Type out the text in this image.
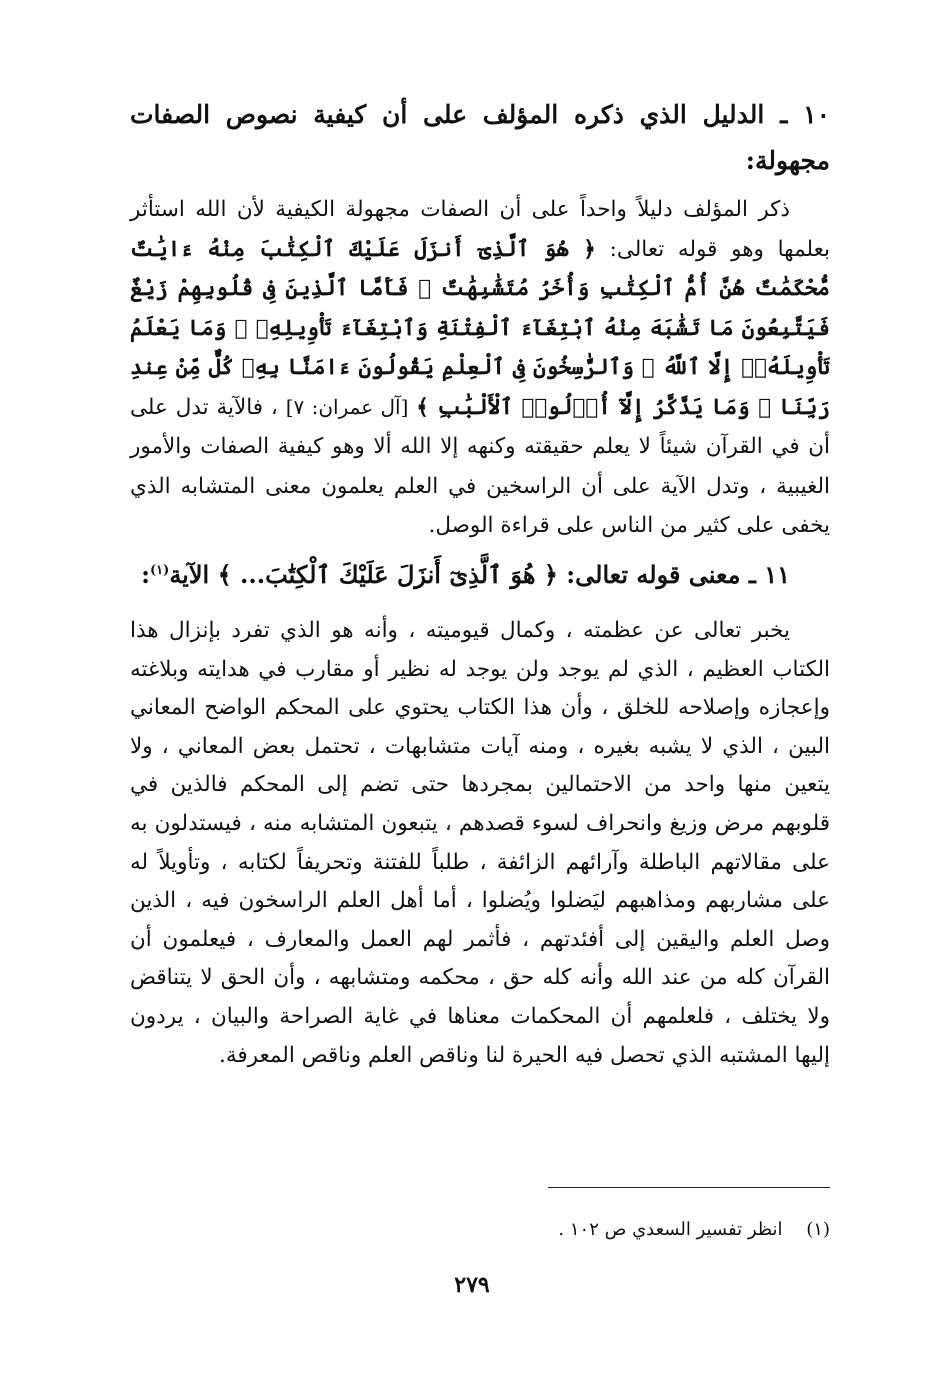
١٠ ـ الدليل الذي ذكره المؤلف على أن كيفية نصوص الصفات مجهولة:
ذكر المؤلف دليلاً واحداً على أن الصفات مجهولة الكيفية لأن الله استأثر بعلمها وهو قوله تعالى: ﴿ هُوَ ٱلَّذِىٓ أَنزَلَ عَلَيْكَ ٱلْكِتَٰبَ مِنْهُ ءَايَٰتٌ مُّحْكَمَٰتٌ هُنَّ أُمُّ ٱلْكِتَٰبِ وَأُخَرُ مُتَشَٰبِهَٰتٌ ۖ فَأَمَّا ٱلَّذِينَ فِى قُلُوبِهِمْ زَيْغٌ فَيَتَّبِعُونَ مَا تَشَٰبَهَ مِنْهُ ٱبْتِغَآءَ ٱلْفِتْنَةِ وَٱبْتِغَآءَ تَأْوِيلِهِۦ ۗ وَمَا يَعْلَمُ تَأْوِيلَهُۥٓ إِلَّا ٱللَّهُ ۗ وَٱلرَّٰسِخُونَ فِى ٱلْعِلْمِ يَقُولُونَ ءَامَنَّا بِهِۦ كُلٌّ مِّنْ عِندِ رَبِّنَا ۗ وَمَا يَذَّكَّرُ إِلَّآ أُو۟لُوا۟ ٱلْأَلْبَٰبِ ﴾ [آل عمران: ٧] ، فالآية تدل على أن في القرآن شيئاً لا يعلم حقيقته وكنهه إلا الله ألا وهو كيفية الصفات والأمور الغيبية ، وتدل الآية على أن الراسخين في العلم يعلمون معنى المتشابه الذي يخفى على كثير من الناس على قراءة الوصل.
١١ ـ معنى قوله تعالى: ﴿ هُوَ ٱلَّذِىٓ أَنزَلَ عَلَيْكَ ٱلْكِتَٰبَ... ﴾ الآية$^{(١)}$:
يخبر تعالى عن عظمته ، وكمال قيوميته ، وأنه هو الذي تفرد بإنزال هذا الكتاب العظيم ، الذي لم يوجد ولن يوجد له نظير أو مقارب في هدايته وبلاغته وإعجازه وإصلاحه للخلق ، وأن هذا الكتاب يحتوي على المحكم الواضح المعاني البين ، الذي لا يشبه بغيره ، ومنه آيات متشابهات ، تحتمل بعض المعاني ، ولا يتعين منها واحد من الاحتمالين بمجردها حتى تضم إلى المحكم فالذين في قلوبهم مرض وزيغ وانحراف لسوء قصدهم ، يتبعون المتشابه منه ، فيستدلون به على مقالاتهم الباطلة وآرائهم الزائفة ، طلباً للفتنة وتحريفاً لكتابه ، وتأويلاً له على مشاربهم ومذاهبهم ليَضلوا ويُضلوا ، أما أهل العلم الراسخون فيه ، الذين وصل العلم واليقين إلى أفئدتهم ، فأثمر لهم العمل والمعارف ، فيعلمون أن القرآن كله من عند الله وأنه كله حق ، محكمه ومتشابهه ، وأن الحق لا يتناقض ولا يختلف ، فلعلمهم أن المحكمات معناها في غاية الصراحة والبيان ، يردون إليها المشتبه الذي تحصل فيه الحيرة لنا وناقص العلم وناقص المعرفة.
(١) انظر تفسير السعدي ص ١٠٢ .
٢٧٩
